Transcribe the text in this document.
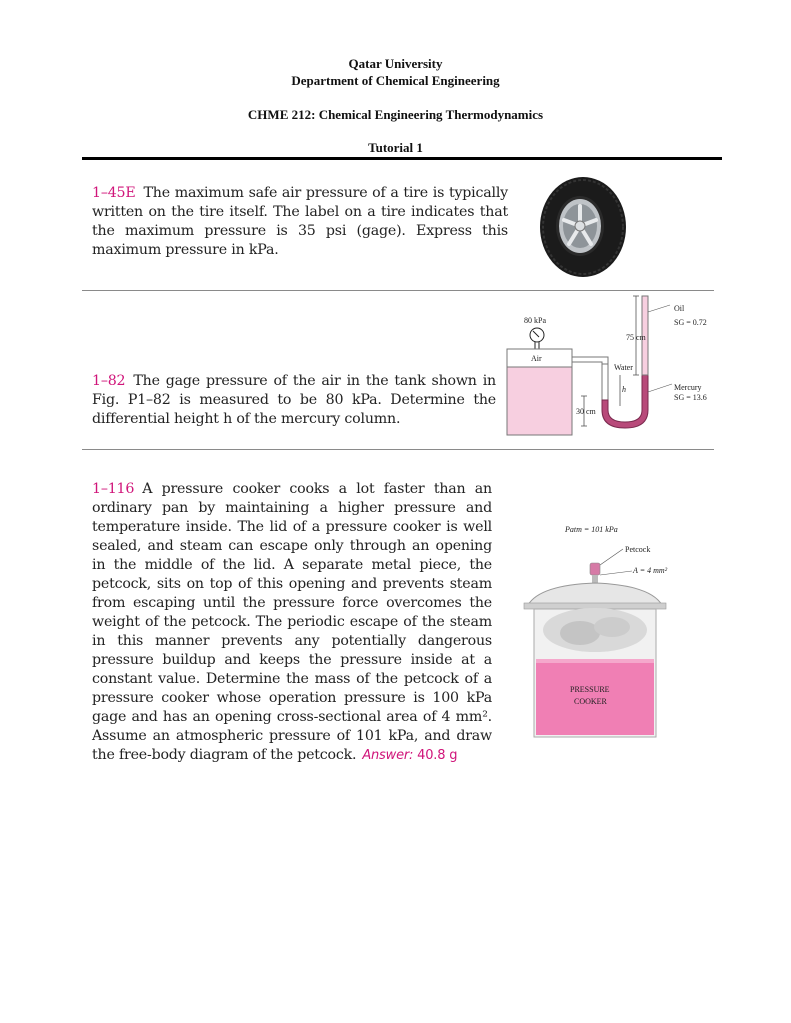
Qatar University
Department of Chemical Engineering
CHME 212: Chemical Engineering Thermodynamics
Tutorial 1
1–45E The maximum safe air pressure of a tire is typically written on the tire itself. The label on a tire indicates that the maximum pressure is 35 psi (gage). Express this maximum pressure in kPa.
1–82 The gage pressure of the air in the tank shown in Fig. P1–82 is measured to be 80 kPa. Determine the differential height h of the mercury column.
80 kPa
Air
Water
75 cm
30 cm
h
Oil
SG = 0.72
Mercury
SG = 13.6
1–116 A pressure cooker cooks a lot faster than an ordinary pan by maintaining a higher pressure and temperature inside. The lid of a pressure cooker is well sealed, and steam can escape only through an opening in the middle of the lid. A separate metal piece, the petcock, sits on top of this opening and prevents steam from escaping until the pressure force overcomes the weight of the petcock. The periodic escape of the steam in this manner prevents any potentially dangerous pressure buildup and keeps the pressure inside at a constant value. Determine the mass of the petcock of a pressure cooker whose operation pressure is 100 kPa gage and has an opening cross-sectional area of 4 mm². Assume an atmospheric pressure of 101 kPa, and draw the free-body diagram of the petcock. Answer: 40.8 g
Patm = 101 kPa
Petcock
A = 4 mm²
PRESSURE
COOKER
